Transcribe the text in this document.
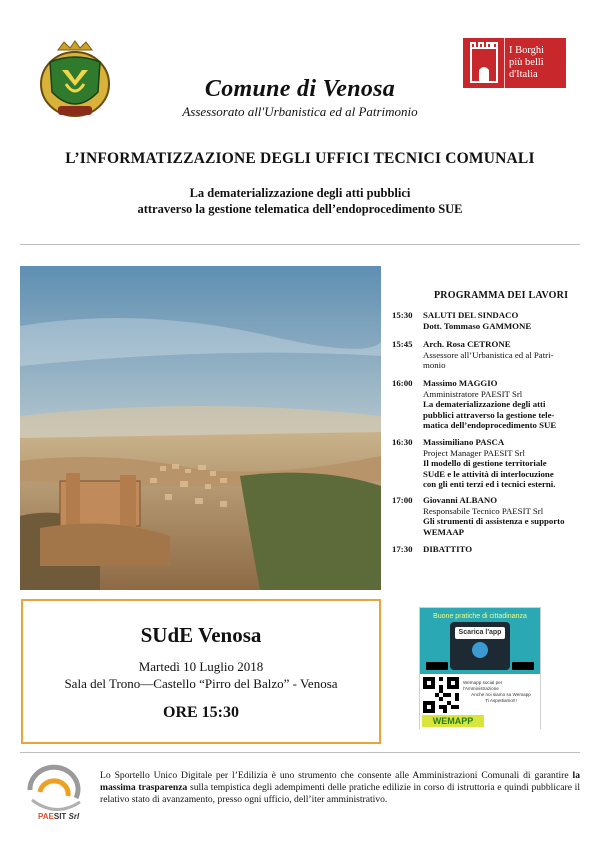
Comune di Venosa
Assessorato all'Urbanistica ed al Patrimonio
I Borghi
più belli
d'Italia
L’INFORMATIZZAZIONE DEGLI UFFICI TECNICI COMUNALI
La dematerializzazione degli atti pubblici
attraverso la gestione telematica dell’endoprocedimento SUE
PROGRAMMA DEI LAVORI
15:30 SALUTI DEL SINDACO
Dott. Tommaso GAMMONE
15:45 Arch. Rosa CETRONE
Assessore all’Urbanistica ed al Patri-
monio
16:00 Massimo MAGGIO
Amministratore PAESIT Srl
La dematerializzazione degli atti
pubblici attraverso la gestione tele-
matica dell’endoprocedimento SUE
16:30 Massimiliano PASCA
Project Manager PAESIT Srl
Il modello di gestione territoriale
SUdE e le attività di interlocuzione
con gli enti terzi ed i tecnici esterni.
17:00 Giovanni ALBANO
Responsabile Tecnico PAESIT Srl
Gli strumenti di assistenza e supporto
WEMAAP
17:30 DIBATTITO
SUdE Venosa
Martedì 10 Luglio 2018
Sala del Trono—Castello “Pirro del Balzo” - Venosa
ORE 15:30
Buone pratiche di cittadinanza
Scarica l'app
Wemapp social per l'Amministrazione
Anche noi siamo su Wemapp
Ti Aspettiamo!!!
WEMAPP
PAESIT Srl
Lo Sportello Unico Digitale per l’Edilizia è uno strumento che consente alle Amministrazioni Comunali di garantire la massima trasparenza sulla tempistica degli adempimenti delle pratiche edilizie in corso di istruttoria e quindi pubblicare il relativo stato di avanzamento, presso ogni ufficio, dell’iter amministrativo.
